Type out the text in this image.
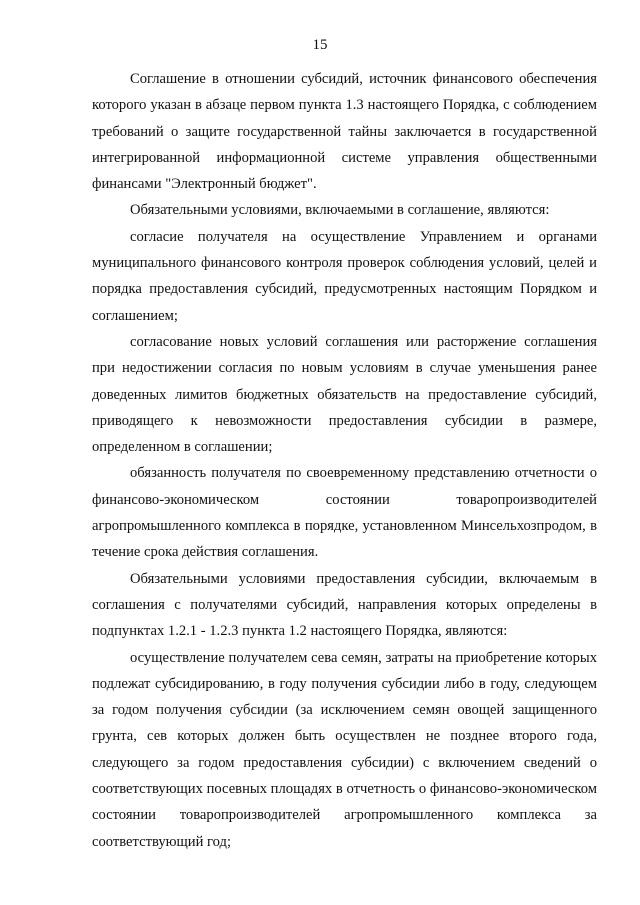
15

Соглашение в отношении субсидий, источник финансового обеспечения которого указан в абзаце первом пункта 1.3 настоящего Порядка, с соблюдением требований о защите государственной тайны заключается в государственной интегрированной информационной системе управления общественными финансами "Электронный бюджет".

Обязательными условиями, включаемыми в соглашение, являются:

согласие получателя на осуществление Управлением и органами муниципального финансового контроля проверок соблюдения условий, целей и порядка предоставления субсидий, предусмотренных настоящим Порядком и соглашением;

согласование новых условий соглашения или расторжение соглашения при недостижении согласия по новым условиям в случае уменьшения ранее доведенных лимитов бюджетных обязательств на предоставление субсидий, приводящего к невозможности предоставления субсидии в размере, определенном в соглашении;

обязанность получателя по своевременному представлению отчетности о финансово-экономическом состоянии товаропроизводителей агропромышленного комплекса в порядке, установленном Минсельхозпродом, в течение срока действия соглашения.

Обязательными условиями предоставления субсидии, включаемым в соглашения с получателями субсидий, направления которых определены в подпунктах 1.2.1 - 1.2.3 пункта 1.2 настоящего Порядка, являются:

осуществление получателем сева семян, затраты на приобретение которых подлежат субсидированию, в году получения субсидии либо в году, следующем за годом получения субсидии (за исключением семян овощей защищенного грунта, сев которых должен быть осуществлен не позднее второго года, следующего за годом предоставления субсидии) с включением сведений о соответствующих посевных площадях в отчетность о финансово-экономическом состоянии товаропроизводителей агропромышленного комплекса за соответствующий год;
